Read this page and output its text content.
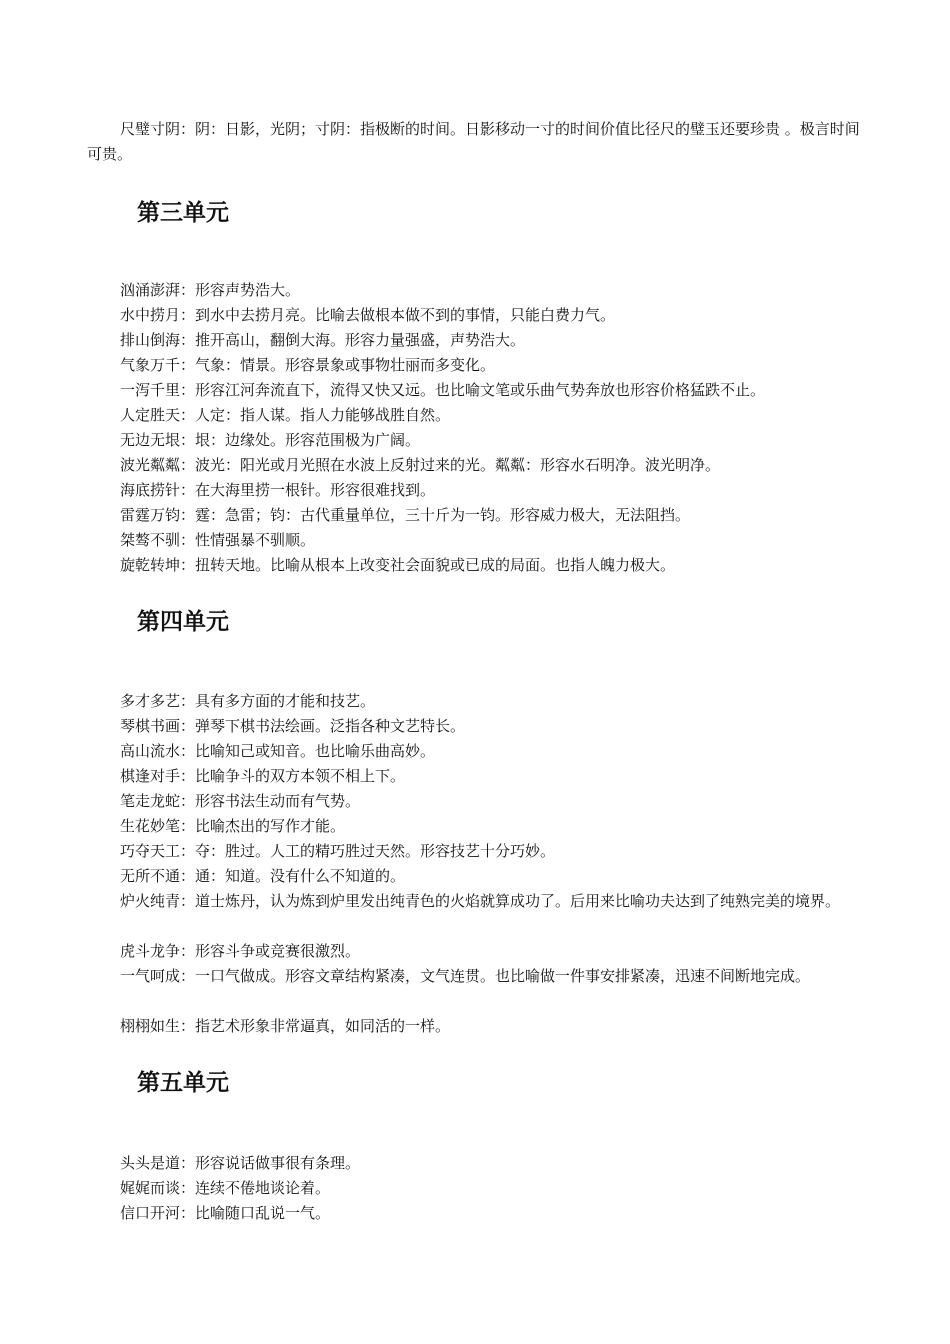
尺璧寸阴：阴：日影，光阴；寸阴：指极断的时间。日影移动一寸的时间价值比径尺的璧玉还要珍贵 。极言时间可贵。

第三单元

汹涌澎湃：形容声势浩大。

水中捞月：到水中去捞月亮。比喻去做根本做不到的事情，只能白费力气。

排山倒海：推开高山，翻倒大海。形容力量强盛，声势浩大。

气象万千：气象：情景。形容景象或事物壮丽而多变化。

一泻千里：形容江河奔流直下，流得又快又远。也比喻文笔或乐曲气势奔放也形容价格猛跌不止。

人定胜天：人定：指人谋。指人力能够战胜自然。

无边无垠：垠：边缘处。形容范围极为广阔。

波光粼粼：波光：阳光或月光照在水波上反射过来的光。粼粼：形容水石明净。波光明净。

海底捞针：在大海里捞一根针。形容很难找到。

雷霆万钧：霆：急雷；钧：古代重量单位，三十斤为一钧。形容威力极大，无法阻挡。

桀骜不驯：性情强暴不驯顺。

旋乾转坤：扭转天地。比喻从根本上改变社会面貌或已成的局面。也指人魄力极大。

第四单元

多才多艺：具有多方面的才能和技艺。

琴棋书画：弹琴下棋书法绘画。泛指各种文艺特长。

高山流水：比喻知己或知音。也比喻乐曲高妙。

棋逢对手：比喻争斗的双方本领不相上下。

笔走龙蛇：形容书法生动而有气势。

生花妙笔：比喻杰出的写作才能。

巧夺天工：夺：胜过。人工的精巧胜过天然。形容技艺十分巧妙。

无所不通：通：知道。没有什么不知道的。

炉火纯青：道士炼丹，认为炼到炉里发出纯青色的火焰就算成功了。后用来比喻功夫达到了纯熟完美的境界。

虎斗龙争：形容斗争或竞赛很激烈。

一气呵成：一口气做成。形容文章结构紧凑，文气连贯。也比喻做一件事安排紧凑，迅速不间断地完成。

栩栩如生：指艺术形象非常逼真，如同活的一样。

第五单元

头头是道：形容说话做事很有条理。

娓娓而谈：连续不倦地谈论着。

信口开河：比喻随口乱说一气。
